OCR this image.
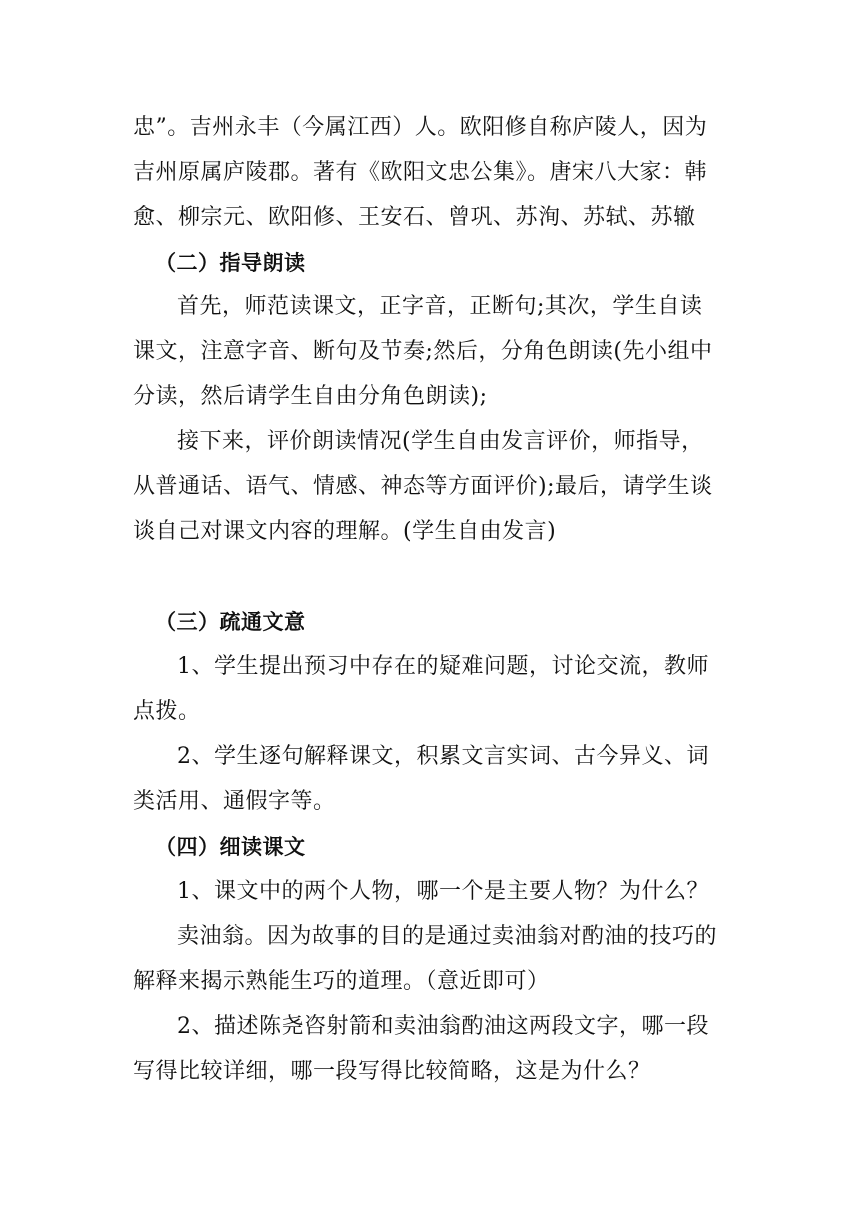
忠”。吉州永丰（今属江西）人。欧阳修自称庐陵人，因为
吉州原属庐陵郡。著有《欧阳文忠公集》。唐宋八大家：韩
愈、柳宗元、欧阳修、王安石、曾巩、苏洵、苏轼、苏辙
（二）指导朗读
首先，师范读课文，正字音，正断句;其次，学生自读
课文，注意字音、断句及节奏;然后，分角色朗读(先小组中
分读，然后请学生自由分角色朗读);
接下来，评价朗读情况(学生自由发言评价，师指导，
从普通话、语气、情感、神态等方面评价);最后，请学生谈
谈自己对课文内容的理解。(学生自由发言)
（三）疏通文意
1、学生提出预习中存在的疑难问题，讨论交流，教师
点拨。
2、学生逐句解释课文，积累文言实词、古今异义、词
类活用、通假字等。
（四）细读课文
1、课文中的两个人物，哪一个是主要人物？为什么？
卖油翁。因为故事的目的是通过卖油翁对酌油的技巧的
解释来揭示熟能生巧的道理。（意近即可）
2、描述陈尧咨射箭和卖油翁酌油这两段文字，哪一段
写得比较详细，哪一段写得比较简略，这是为什么？
